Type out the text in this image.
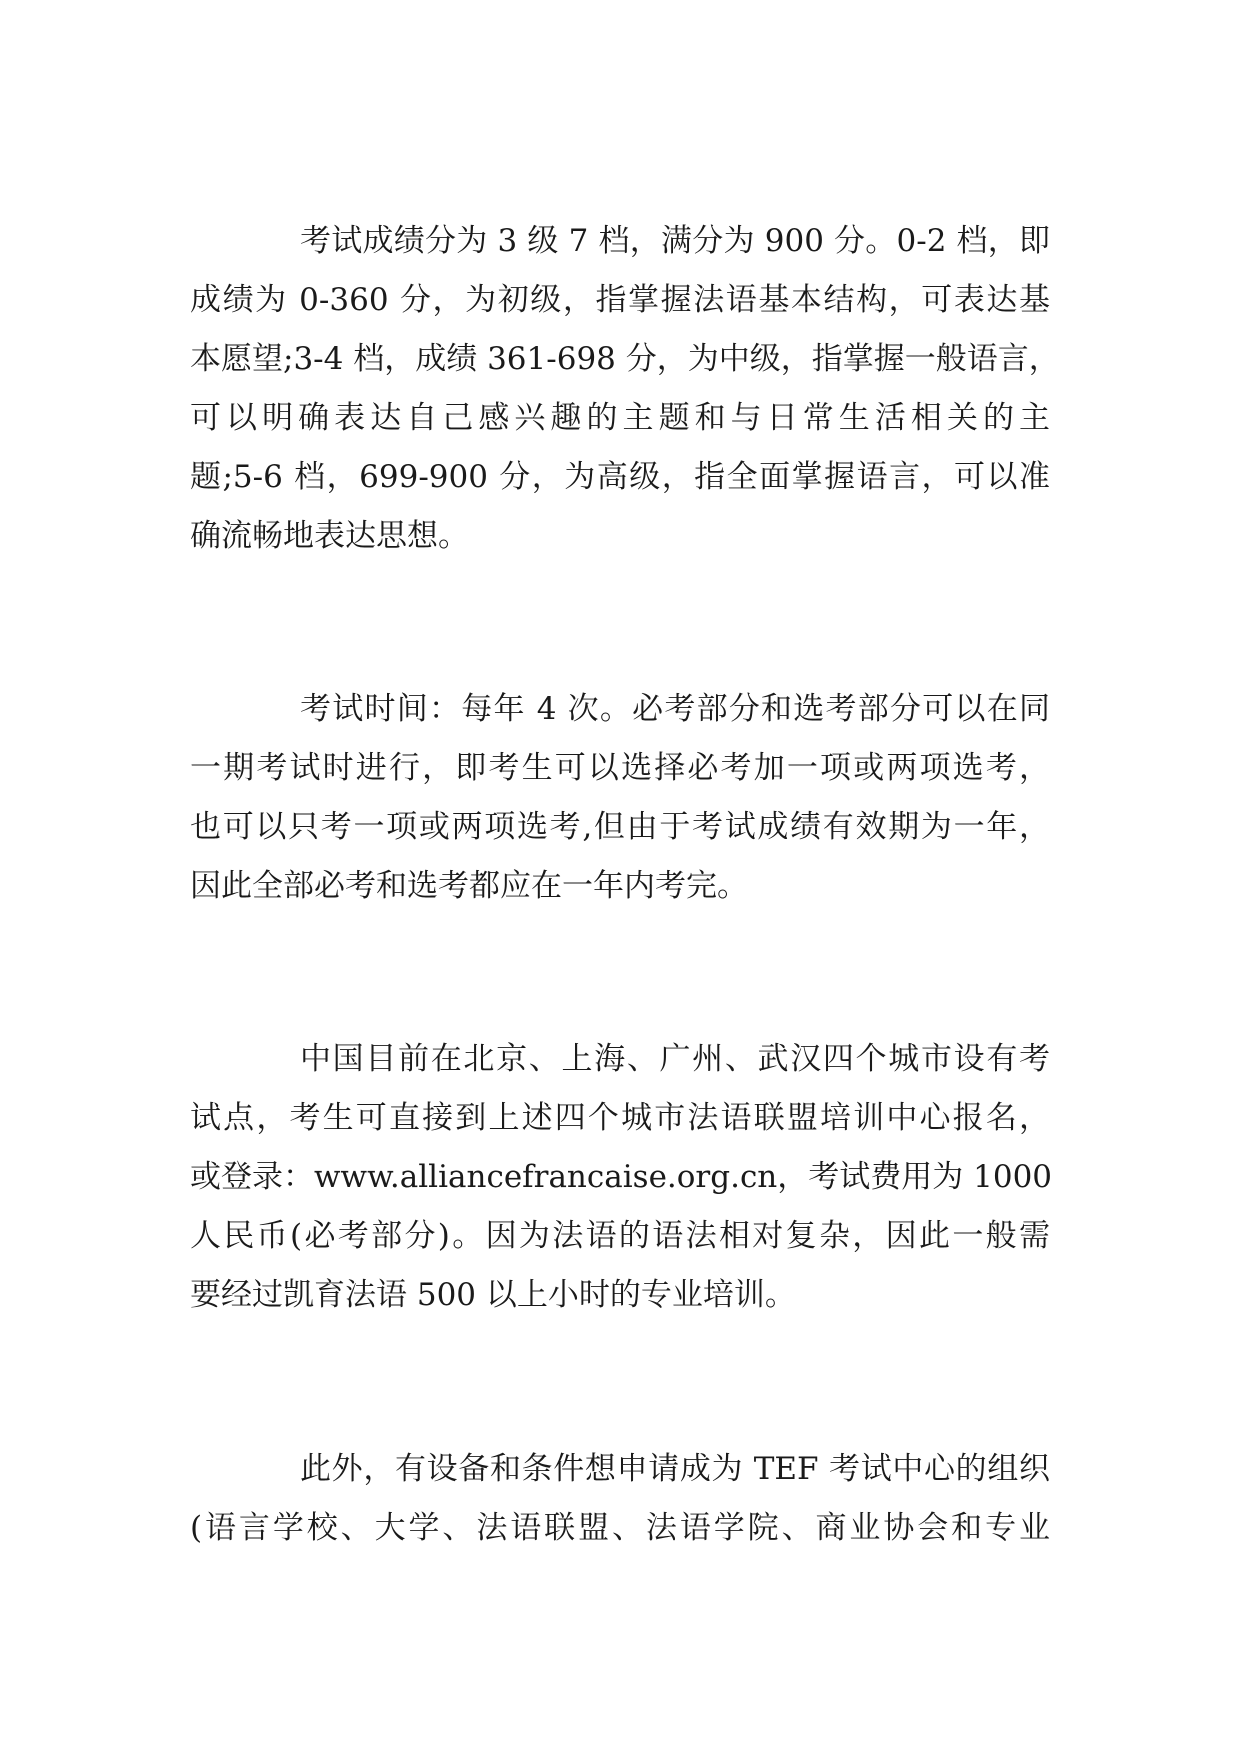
考试成绩分为 3 级 7 档，满分为 900 分。0-2 档，即
成绩为 0-360 分，为初级，指掌握法语基本结构，可表达基
本愿望;3-4 档，成绩 361-698 分，为中级，指掌握一般语言，
可以明确表达自己感兴趣的主题和与日常生活相关的主
题;5-6 档，699-900 分，为高级，指全面掌握语言，可以准
确流畅地表达思想。
考试时间：每年 4 次。必考部分和选考部分可以在同
一期考试时进行，即考生可以选择必考加一项或两项选考，
也可以只考一项或两项选考,但由于考试成绩有效期为一年，
因此全部必考和选考都应在一年内考完。
中国目前在北京、上海、广州、武汉四个城市设有考
试点，考生可直接到上述四个城市法语联盟培训中心报名，
或登录：www.alliancefrancaise.org.cn，考试费用为 1000
人民币(必考部分)。因为法语的语法相对复杂，因此一般需
要经过凯育法语 500 以上小时的专业培训。
此外，有设备和条件想申请成为 TEF 考试中心的组织
(语言学校、大学、法语联盟、法语学院、商业协会和专业
